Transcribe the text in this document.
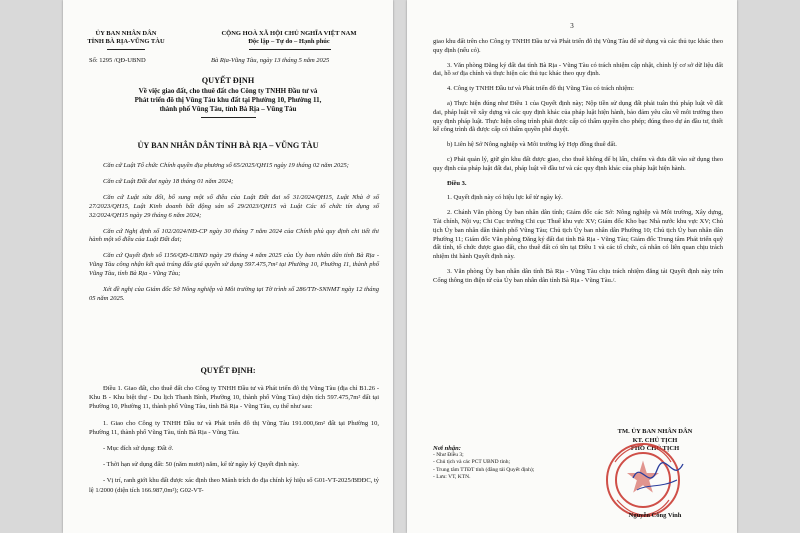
ỦY BAN NHÂN DÂN
TỈNH BÀ RỊA-VŨNG TÀU
CỘNG HOÀ XÃ HỘI CHỦ NGHĨA VIỆT NAM
Độc lập – Tự do – Hạnh phúc
Số: 1295 /QĐ-UBND	Bà Rịa-Vũng Tàu, ngày 13 tháng 5 năm 2025
QUYẾT ĐỊNH
Về việc giao đất, cho thuê đất cho Công ty TNHH Đầu tư và
Phát triển đô thị Vũng Tàu khu đất tại Phường 10, Phường 11,
thành phố Vũng Tàu, tỉnh Bà Rịa – Vũng Tàu
ỦY BAN NHÂN DÂN TỈNH BÀ RỊA – VŨNG TÀU

Căn cứ Luật Tổ chức Chính quyền địa phương số 65/2025/QH15 ngày 19 tháng 02 năm 2025;

Căn cứ Luật Đất đai ngày 18 tháng 01 năm 2024;

Căn cứ Luật sửa đổi, bổ sung một số điều của Luật Đất đai số 31/2024/QH15, Luật Nhà ở số 27/2023/QH15, Luật Kinh doanh bất động sản số 29/2023/QH15 và Luật Các tổ chức tín dụng số 32/2024/QH15 ngày 29 tháng 6 năm 2024;

Căn cứ Nghị định số 102/2024/NĐ-CP ngày 30 tháng 7 năm 2024 của Chính phủ quy định chi tiết thi hành một số điều của Luật Đất đai;

Căn cứ Quyết định số 1156/QĐ-UBND ngày 29 tháng 4 năm 2025 của Ủy ban nhân dân tỉnh Bà Rịa - Vũng Tàu công nhận kết quả trúng đấu giá quyền sử dụng 597.475,7m² tại Phường 10, Phường 11, thành phố Vũng Tàu, tỉnh Bà Rịa - Vũng Tàu;

Xét đề nghị của Giám đốc Sở Nông nghiệp và Môi trường tại Tờ trình số 286/TTr-SNNMT ngày 12 tháng 05 năm 2025.

QUYẾT ĐỊNH:

Điều 1. Giao đất, cho thuê đất cho Công ty TNHH Đầu tư và Phát triển đô thị Vũng Tàu (địa chỉ B1.26 - Khu B - Khu biệt thự - Du lịch Thanh Bình, Phường 10, thành phố Vũng Tàu) diện tích 597.475,7m² đất tại Phường 10, Phường 11, thành phố Vũng Tàu, tỉnh Bà Rịa - Vũng Tàu, cụ thể như sau:

1. Giao cho Công ty TNHH Đầu tư và Phát triển đô thị Vũng Tàu 191.000,6m² đất tại Phường 10, Phường 11, thành phố Vũng Tàu, tỉnh Bà Rịa - Vũng Tàu.

- Mục đích sử dụng: Đất ở.

- Thời hạn sử dụng đất: 50 (năm mươi) năm, kể từ ngày ký Quyết định này.

- Vị trí, ranh giới khu đất được xác định theo Mảnh trích đo địa chính ký hiệu số G01-VT-2025/BĐĐC, tỷ lệ 1/2000 (diện tích 166.987,0m²); G02-VT-

3

giao khu đất trên cho Công ty TNHH Đầu tư và Phát triển đô thị Vũng Tàu để sử dụng và các thủ tục khác theo quy định (nếu có).

3. Văn phòng Đăng ký đất đai tỉnh Bà Rịa - Vũng Tàu có trách nhiệm cập nhật, chỉnh lý cơ sở dữ liệu đất đai, hồ sơ địa chính và thực hiện các thủ tục khác theo quy định.

4. Công ty TNHH Đầu tư và Phát triển đô thị Vũng Tàu có trách nhiệm:

a) Thực hiện đúng như Điều 1 của Quyết định này; Nộp tiền sử dụng đất phải tuân thủ pháp luật về đất đai, pháp luật về xây dựng và các quy định khác của pháp luật hiện hành, bảo đảm yêu cầu về môi trường theo quy định pháp luật. Thực hiện công trình phải được cấp có thẩm quyền cho phép; đúng theo dự án đầu tư, thiết kế công trình đã được cấp có thẩm quyền phê duyệt.

b) Liên hệ Sở Nông nghiệp và Môi trường ký Hợp đồng thuê đất.

c) Phải quản lý, giữ gìn khu đất được giao, cho thuê không để bị lấn, chiếm và đưa đất vào sử dụng theo quy định của pháp luật đất đai, pháp luật về đầu tư và các quy định khác của pháp luật hiện hành.

Điều 3.

1. Quyết định này có hiệu lực kể từ ngày ký.

2. Chánh Văn phòng Ủy ban nhân dân tỉnh; Giám đốc các Sở: Nông nghiệp và Môi trường, Xây dựng, Tài chính, Nội vụ; Chi Cục trưởng Chi cục Thuế khu vực XV; Giám đốc Kho bạc Nhà nước khu vực XV; Chủ tịch Ủy ban nhân dân thành phố Vũng Tàu; Chủ tịch Ủy ban nhân dân Phường 10; Chủ tịch Ủy ban nhân dân Phường 11; Giám đốc Văn phòng Đăng ký đất đai tỉnh Bà Rịa - Vũng Tàu; Giám đốc Trung tâm Phát triển quỹ đất tỉnh, tổ chức được giao đất, cho thuê đất có tên tại Điều 1 và các tổ chức, cá nhân có liên quan chịu trách nhiệm thi hành Quyết định này.

3. Văn phòng Ủy ban nhân dân tỉnh Bà Rịa - Vũng Tàu chịu trách nhiệm đăng tải Quyết định này trên Cổng thông tin điện tử của Ủy ban nhân dân tỉnh Bà Rịa - Vũng Tàu./.

Nơi nhận:
- Như Điều 3;
- Chủ tịch và các PCT UBND tỉnh;
- Trung tâm TTĐT tỉnh (đăng tải Quyết định);
- Lưu: VT, KTN.
TM. ỦY BAN NHÂN DÂN
KT. CHỦ TỊCH
PHÓ CHỦ TỊCH
Nguyễn Công Vinh
